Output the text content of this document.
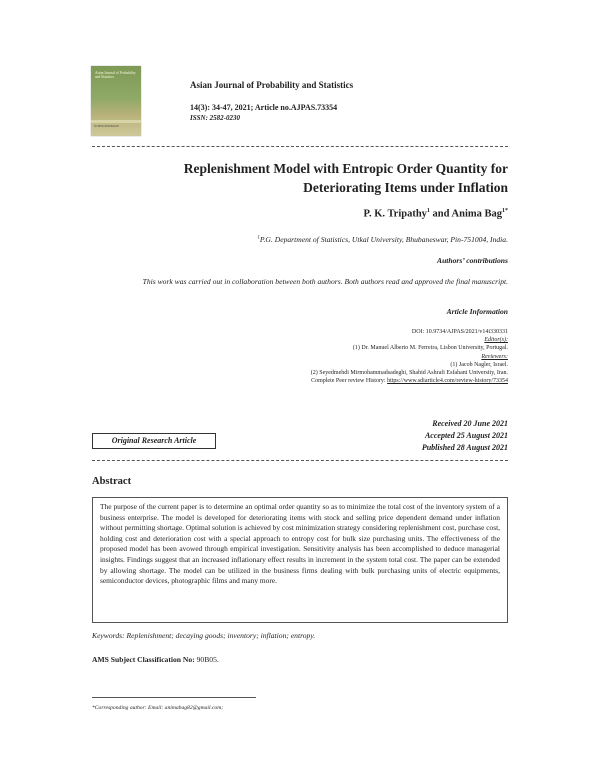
Asian Journal of Probability and Statistics
SCIENCEDOMAIN
Asian Journal of Probability and Statistics
14(3): 34-47, 2021; Article no.AJPAS.73354
ISSN: 2582-0230
Replenishment Model with Entropic Order Quantity for
Deteriorating Items under Inflation
P. K. Tripathy$^1$ and Anima Bag$^{1*}$
$^1$P.G. Department of Statistics, Utkal University, Bhubaneswar, Pin-751004, India.
Authors’ contributions
This work was carried out in collaboration between both authors. Both authors read and approved the final manuscript.
Article Information
DOI: 10.9734/AJPAS/2021/v14i330331
Editor(s):
(1) Dr. Manuel Alberto M. Ferreira, Lisbon University, Portugal.
Reviewers:
(1) Jacob Nagler, Israel.
(2) Seyedmehdi Mirmohammadsadeghi, Shahid Ashrafi Esfahani University, Iran.
Complete Peer review History: https://www.sdiarticle4.com/review-history/73354
Received 20 June 2021
Accepted 25 August 2021
Published 28 August 2021
Original Research Article
Abstract
The purpose of the current paper is to determine an optimal order quantity so as to minimize the total cost of the inventory system of a business enterprise. The model is developed for deteriorating items with stock and selling price dependent demand under inflation without permitting shortage. Optimal solution is achieved by cost minimization strategy considering replenishment cost, purchase cost, holding cost and deterioration cost with a special approach to entropy cost for bulk size purchasing units. The effectiveness of the proposed model has been avowed through empirical investigation. Sensitivity analysis has been accomplished to deduce managerial insights. Findings suggest that an increased inflationary effect results in increment in the system total cost. The paper can be extended by allowing shortage. The model can be utilized in the business firms dealing with bulk purchasing units of electric equipments, semiconductor devices, photographic films and many more.
Keywords: Replenishment; decaying goods; inventory; inflation; entropy.
AMS Subject Classification No: 90B05.
*Corresponding author: Email: animabag82@gmail.com;
